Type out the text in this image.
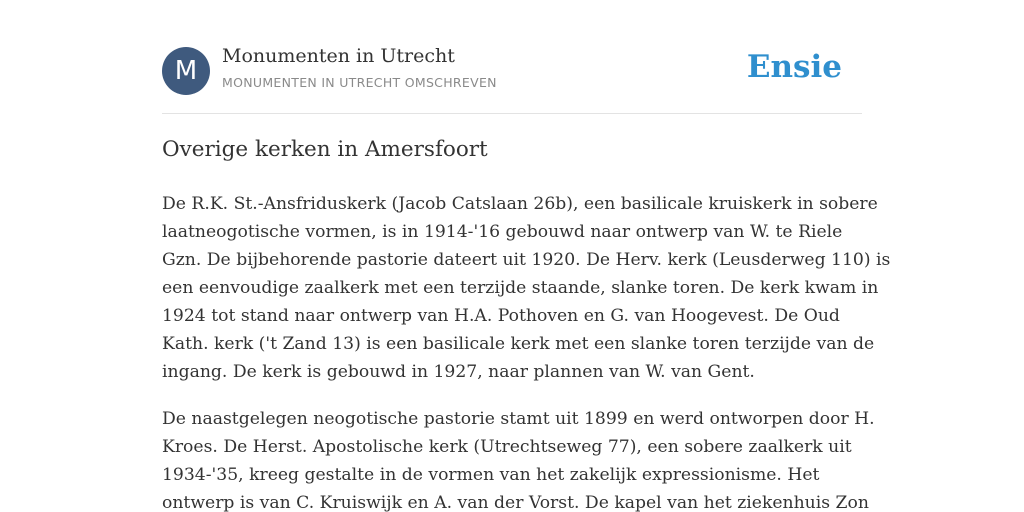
M	Monumenten in Utrecht
MONUMENTEN IN UTRECHT OMSCHREVEN	Ensie
Overige kerken in Amersfoort

De R.K. St.-Ansfriduskerk (Jacob Catslaan 26b), een basilicale kruiskerk in sobere
laatneogotische vormen, is in 1914-'16 gebouwd naar ontwerp van W. te Riele
Gzn. De bijbehorende pastorie dateert uit 1920. De Herv. kerk (Leusderweg 110) is
een eenvoudige zaalkerk met een terzijde staande, slanke toren. De kerk kwam in
1924 tot stand naar ontwerp van H.A. Pothoven en G. van Hoogevest. De Oud
Kath. kerk ('t Zand 13) is een basilicale kerk met een slanke toren terzijde van de
ingang. De kerk is gebouwd in 1927, naar plannen van W. van Gent.

De naastgelegen neogotische pastorie stamt uit 1899 en werd ontworpen door H.
Kroes. De Herst. Apostolische kerk (Utrechtseweg 77), een sobere zaalkerk uit
1934-'35, kreeg gestalte in de vormen van het zakelijk expressionisme. Het
ontwerp is van C. Kruiswijk en A. van der Vorst. De kapel van het ziekenhuis Zon
